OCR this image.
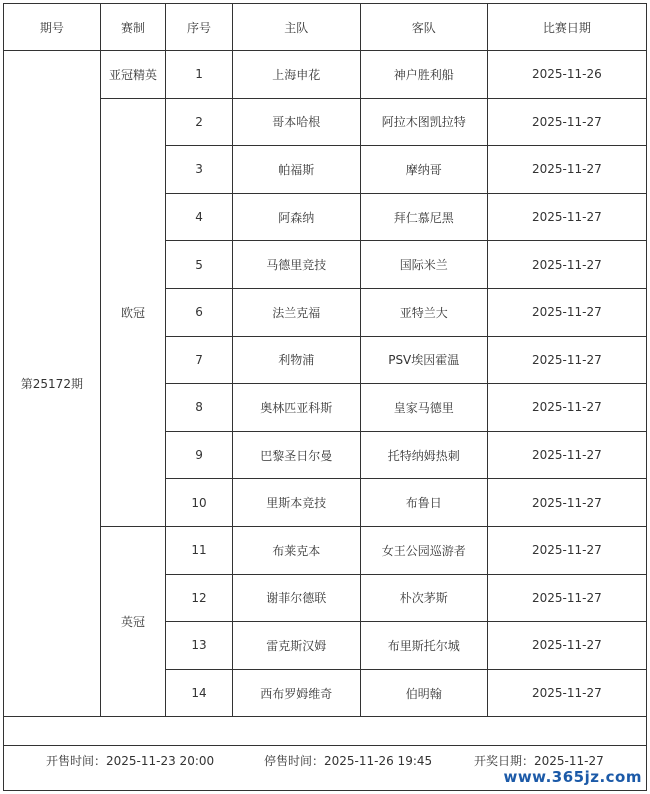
期号	赛制	序号	主队	客队	比赛日期
第25172期	亚冠精英	1	上海申花	神户胜利船	2025-11-26
	欧冠	2	哥本哈根	阿拉木图凯拉特	2025-11-27
		3	帕福斯	摩纳哥	2025-11-27
		4	阿森纳	拜仁慕尼黑	2025-11-27
		5	马德里竞技	国际米兰	2025-11-27
		6	法兰克福	亚特兰大	2025-11-27
		7	利物浦	PSV埃因霍温	2025-11-27
		8	奥林匹亚科斯	皇家马德里	2025-11-27
		9	巴黎圣日尔曼	托特纳姆热刺	2025-11-27
		10	里斯本竞技	布鲁日	2025-11-27
	英冠	11	布莱克本	女王公园巡游者	2025-11-27
		12	谢菲尔德联	朴次茅斯	2025-11-27
		13	雷克斯汉姆	布里斯托尔城	2025-11-27
		14	西布罗姆维奇	伯明翰	2025-11-27

开售时间：2025-11-23 20:00	停售时间：2025-11-26 19:45	开奖日期：2025-11-27
www.365jz.com
